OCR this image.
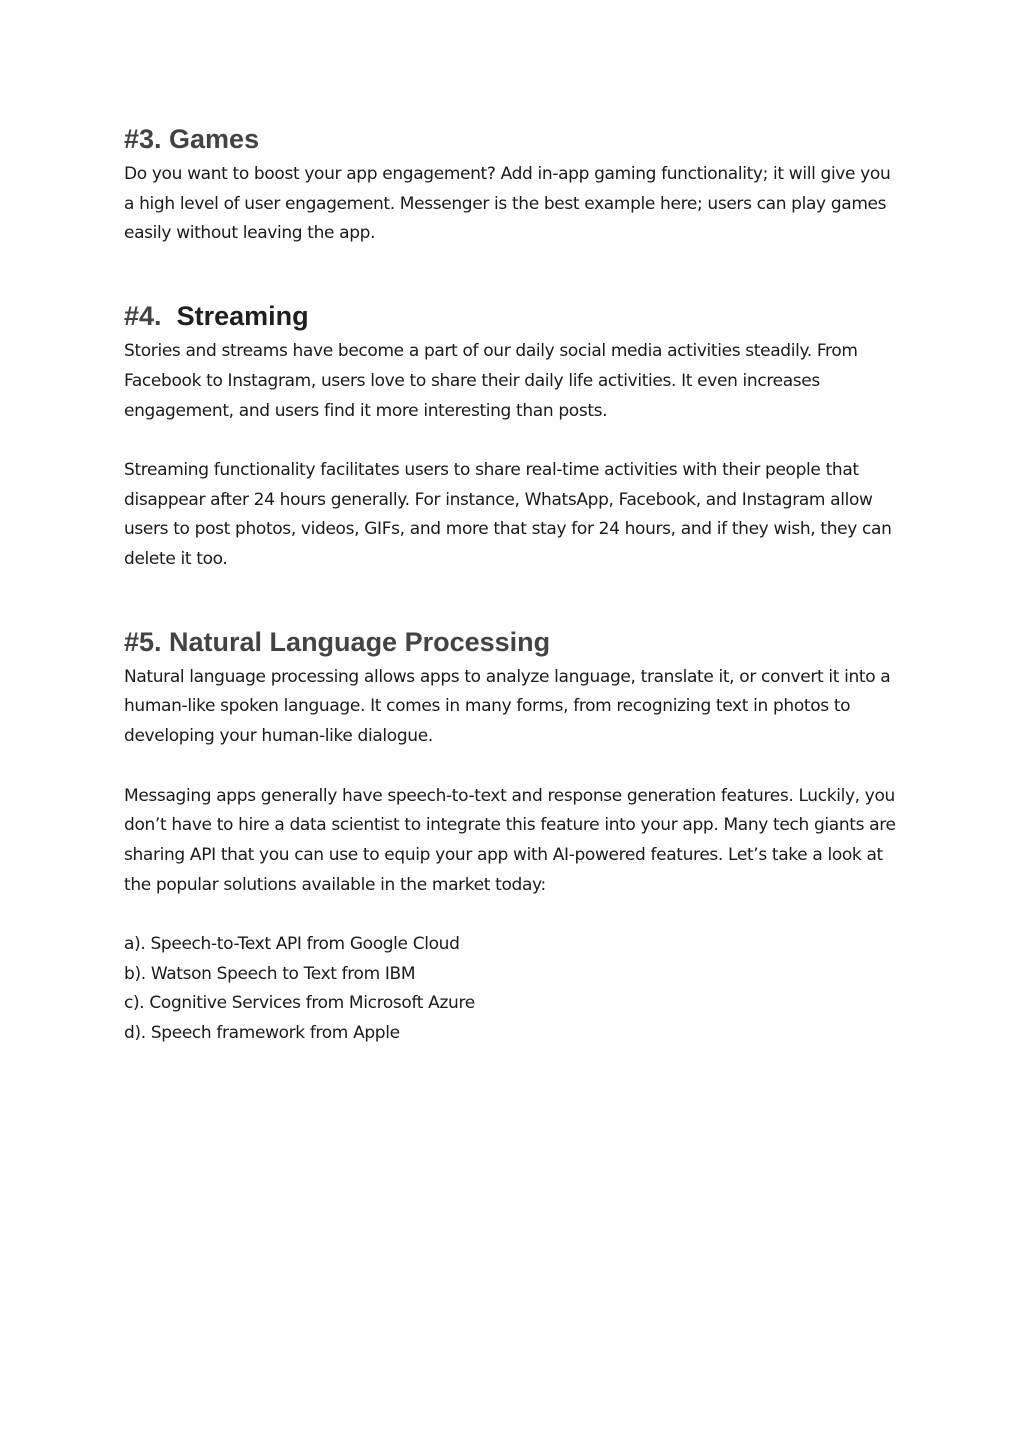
#3. Games

Do you want to boost your app engagement? Add in-app gaming functionality; it will give you a high level of user engagement. Messenger is the best example here; users can play games easily without leaving the app.

#4. Streaming

Stories and streams have become a part of our daily social media activities steadily. From Facebook to Instagram, users love to share their daily life activities. It even increases engagement, and users find it more interesting than posts.

Streaming functionality facilitates users to share real-time activities with their people that disappear after 24 hours generally. For instance, WhatsApp, Facebook, and Instagram allow users to post photos, videos, GIFs, and more that stay for 24 hours, and if they wish, they can delete it too.

#5. Natural Language Processing

Natural language processing allows apps to analyze language, translate it, or convert it into a human-like spoken language. It comes in many forms, from recognizing text in photos to developing your human-like dialogue.

Messaging apps generally have speech-to-text and response generation features. Luckily, you don’t have to hire a data scientist to integrate this feature into your app. Many tech giants are sharing API that you can use to equip your app with AI-powered features. Let’s take a look at the popular solutions available in the market today:

a). Speech-to-Text API from Google Cloud
b). Watson Speech to Text from IBM
c). Cognitive Services from Microsoft Azure
d). Speech framework from Apple
